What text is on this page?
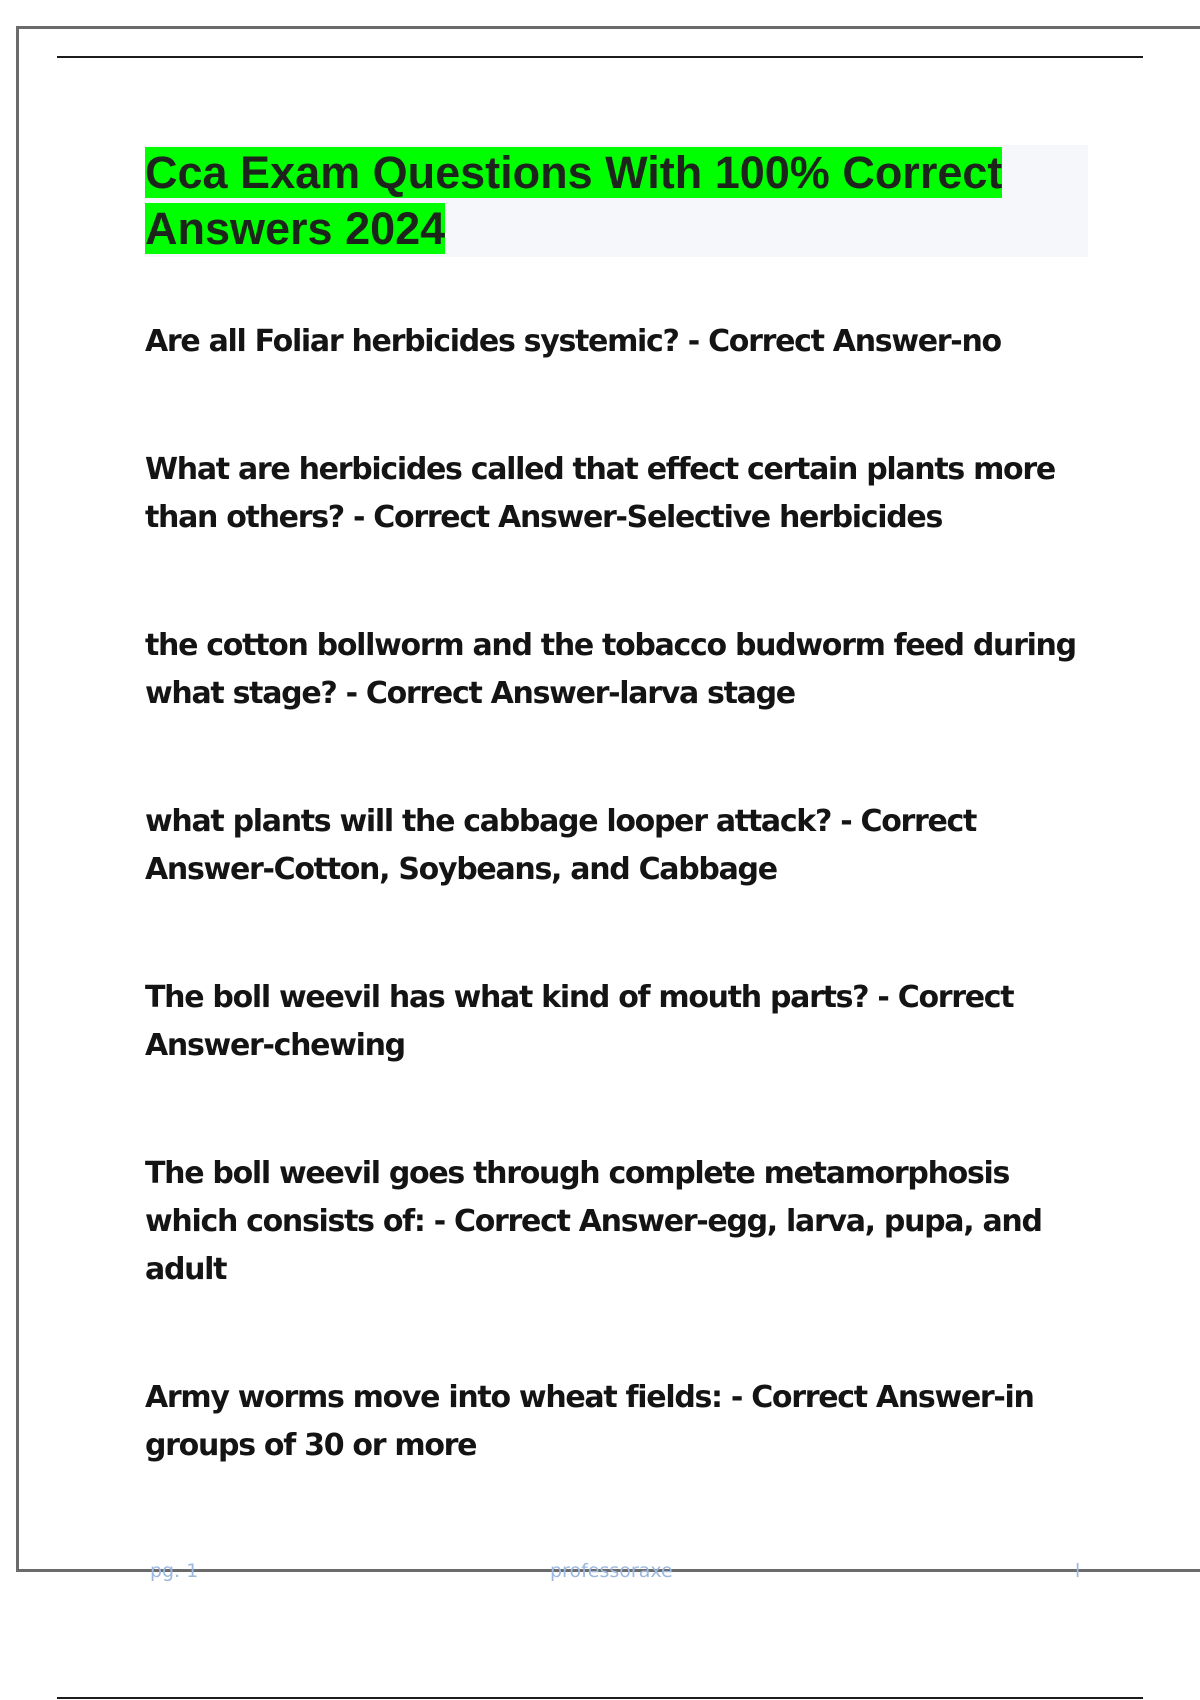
Cca Exam Questions With 100% Correct Answers 2024

Are all Foliar herbicides systemic? - Correct Answer-no

What are herbicides called that effect certain plants more than others? - Correct Answer-Selective herbicides

the cotton bollworm and the tobacco budworm feed during what stage? - Correct Answer-larva stage

what plants will the cabbage looper attack? - Correct Answer-Cotton, Soybeans, and Cabbage

The boll weevil has what kind of mouth parts? - Correct Answer-chewing

The boll weevil goes through complete metamorphosis which consists of: - Correct Answer-egg, larva, pupa, and adult

Army worms move into wheat fields: - Correct Answer-in groups of 30 or more

pg. 1	professoraxe	l
